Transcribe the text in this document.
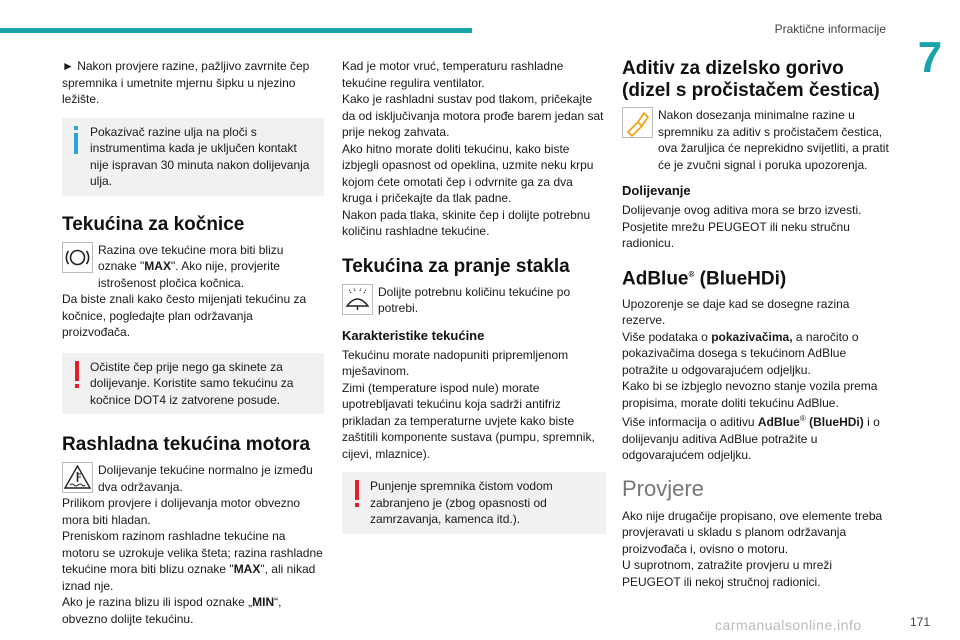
Praktične informacije
7

► Nakon provjere razine, pažljivo zavrnite čep spremnika i umetnite mjernu šipku u njezino ležište.

Pokazivač razine ulja na ploči s instrumentima kada je uključen kontakt nije ispravan 30 minuta nakon dolijevanja ulja.

Tekućina za kočnice

Razina ove tekućine mora biti blizu oznake "MAX". Ako nije, provjerite istrošenost pločica kočnica.

Da biste znali kako često mijenjati tekućinu za kočnice, pogledajte plan održavanja proizvođača.

Očistite čep prije nego ga skinete za dolijevanje. Koristite samo tekućinu za kočnice DOT4 iz zatvorene posude.

Rashladna tekućina motora

Dolijevanje tekućine normalno je između dva održavanja.

Prilikom provjere i dolijevanja motor obvezno mora biti hladan.

Preniskom razinom rashladne tekućine na motoru se uzrokuje velika šteta; razina rashladne tekućine mora biti blizu oznake "MAX", ali nikad iznad nje.

Ako je razina blizu ili ispod oznake „MIN“, obvezno dolijte tekućinu.

Kad je motor vruć, temperaturu rashladne tekućine regulira ventilator.

Kako je rashladni sustav pod tlakom, pričekajte da od isključivanja motora prođe barem jedan sat prije nekog zahvata.

Ako hitno morate doliti tekućinu, kako biste izbjegli opasnost od opeklina, uzmite neku krpu kojom ćete omotati čep i odvrnite ga za dva kruga i pričekajte da tlak padne.

Nakon pada tlaka, skinite čep i dolijte potrebnu količinu rashladne tekućine.

Tekućina za pranje stakla

Dolijte potrebnu količinu tekućine po potrebi.

Karakteristike tekućine

Tekućinu morate nadopuniti pripremljenom mješavinom.

Zimi (temperature ispod nule) morate upotrebljavati tekućinu koja sadrži antifriz prikladan za temperaturne uvjete kako biste zaštitili komponente sustava (pumpu, spremnik, cijevi, mlaznice).

Punjenje spremnika čistom vodom zabranjeno je (zbog opasnosti od zamrzavanja, kamenca itd.).

Aditiv za dizelsko gorivo (dizel s pročistačem čestica)

Nakon dosezanja minimalne razine u spremniku za aditiv s pročistačem čestica, ova žaruljica će neprekidno svijetliti, a pratit će je zvučni signal i poruka upozorenja.

Dolijevanje

Dolijevanje ovog aditiva mora se brzo izvesti. Posjetite mrežu PEUGEOT ili neku stručnu radionicu.

AdBlue® (BlueHDi)

Upozorenje se daje kad se dosegne razina rezerve.

Više podataka o pokazivačima, a naročito o pokazivačima dosega s tekućinom AdBlue potražite u odgovarajućem odjeljku.

Kako bi se izbjeglo nevozno stanje vozila prema propisima, morate doliti tekućinu AdBlue.

Više informacija o aditivu AdBlue® (BlueHDi) i o dolijevanju aditiva AdBlue potražite u odgovarajućem odjeljku.

Provjere

Ako nije drugačije propisano, ove elemente treba provjeravati u skladu s planom održavanja proizvođača i, ovisno o motoru.

U suprotnom, zatražite provjeru u mreži PEUGEOT ili nekoj stručnoj radionici.

carmanualsonline.info	171
